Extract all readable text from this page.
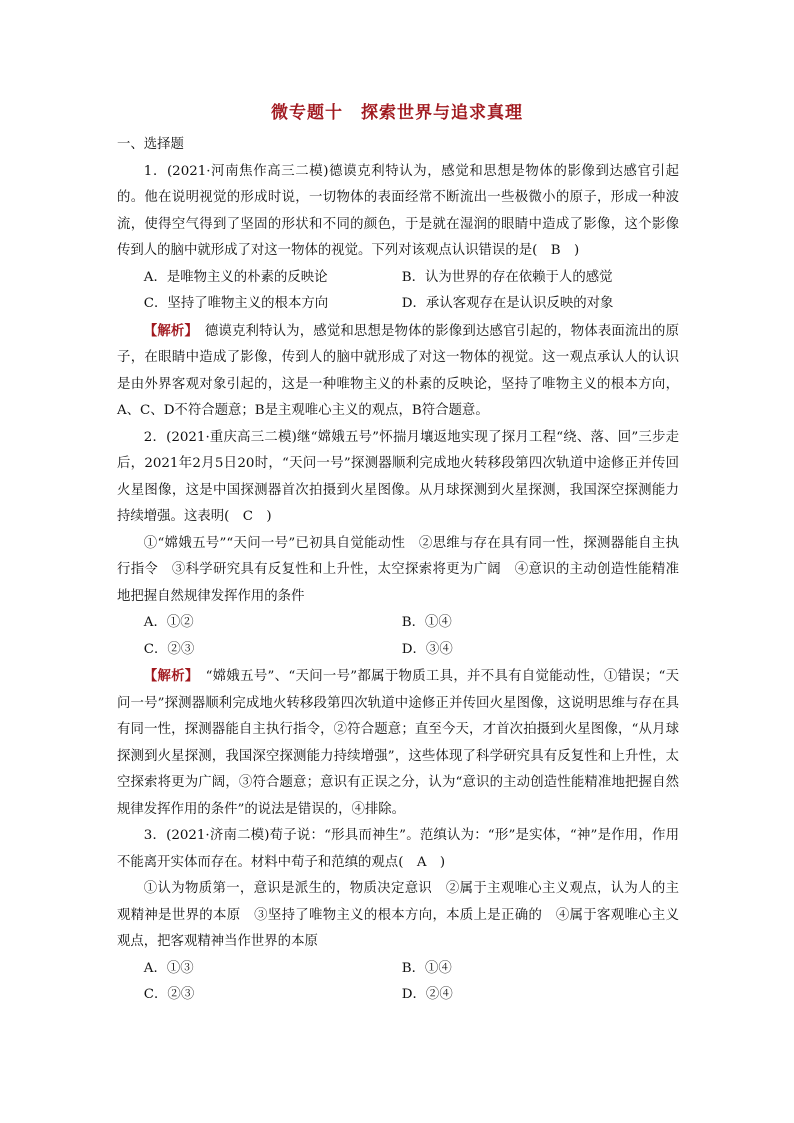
微专题十　探索世界与追求真理

一、选择题

1．(2021·河南焦作高三二模)德谟克利特认为，感觉和思想是物体的影像到达感官引起的。他在说明视觉的形成时说，一切物体的表面经常不断流出一些极微小的原子，形成一种波流，使得空气得到了坚固的形状和不同的颜色，于是就在湿润的眼睛中造成了影像，这个影像传到人的脑中就形成了对这一物体的视觉。下列对该观点认识错误的是(　B　)

A．是唯物主义的朴素的反映论	B．认为世界的存在依赖于人的感觉
C．坚持了唯物主义的根本方向	D．承认客观存在是认识反映的对象

【解析】　德谟克利特认为，感觉和思想是物体的影像到达感官引起的，物体表面流出的原子，在眼睛中造成了影像，传到人的脑中就形成了对这一物体的视觉。这一观点承认人的认识是由外界客观对象引起的，这是一种唯物主义的朴素的反映论，坚持了唯物主义的根本方向，A、C、D不符合题意；B是主观唯心主义的观点，B符合题意。

2．(2021·重庆高三二模)继“嫦娥五号”怀揣月壤返地实现了探月工程“绕、落、回”三步走后，2021年2月5日20时，“天问一号”探测器顺利完成地火转移段第四次轨道中途修正并传回火星图像，这是中国探测器首次拍摄到火星图像。从月球探测到火星探测，我国深空探测能力持续增强。这表明(　C　)

①“嫦娥五号”“天问一号”已初具自觉能动性　②思维与存在具有同一性，探测器能自主执行指令　③科学研究具有反复性和上升性，太空探索将更为广阔　④意识的主动创造性能精准地把握自然规律发挥作用的条件

A．①②	B．①④
C．②③	D．③④

【解析】　“嫦娥五号”、“天问一号”都属于物质工具，并不具有自觉能动性，①错误；“天问一号”探测器顺利完成地火转移段第四次轨道中途修正并传回火星图像，这说明思维与存在具有同一性，探测器能自主执行指令，②符合题意；直至今天，才首次拍摄到火星图像，“从月球探测到火星探测，我国深空探测能力持续增强”，这些体现了科学研究具有反复性和上升性，太空探索将更为广阔，③符合题意；意识有正误之分，认为“意识的主动创造性能精准地把握自然规律发挥作用的条件”的说法是错误的，④排除。

3．(2021·济南二模)荀子说：“形具而神生”。范缜认为：“形”是实体，“神”是作用，作用不能离开实体而存在。材料中荀子和范缜的观点(　A　)

①认为物质第一，意识是派生的，物质决定意识　②属于主观唯心主义观点，认为人的主观精神是世界的本原　③坚持了唯物主义的根本方向，本质上是正确的　④属于客观唯心主义观点，把客观精神当作世界的本原

A．①③	B．①④
C．②③	D．②④
